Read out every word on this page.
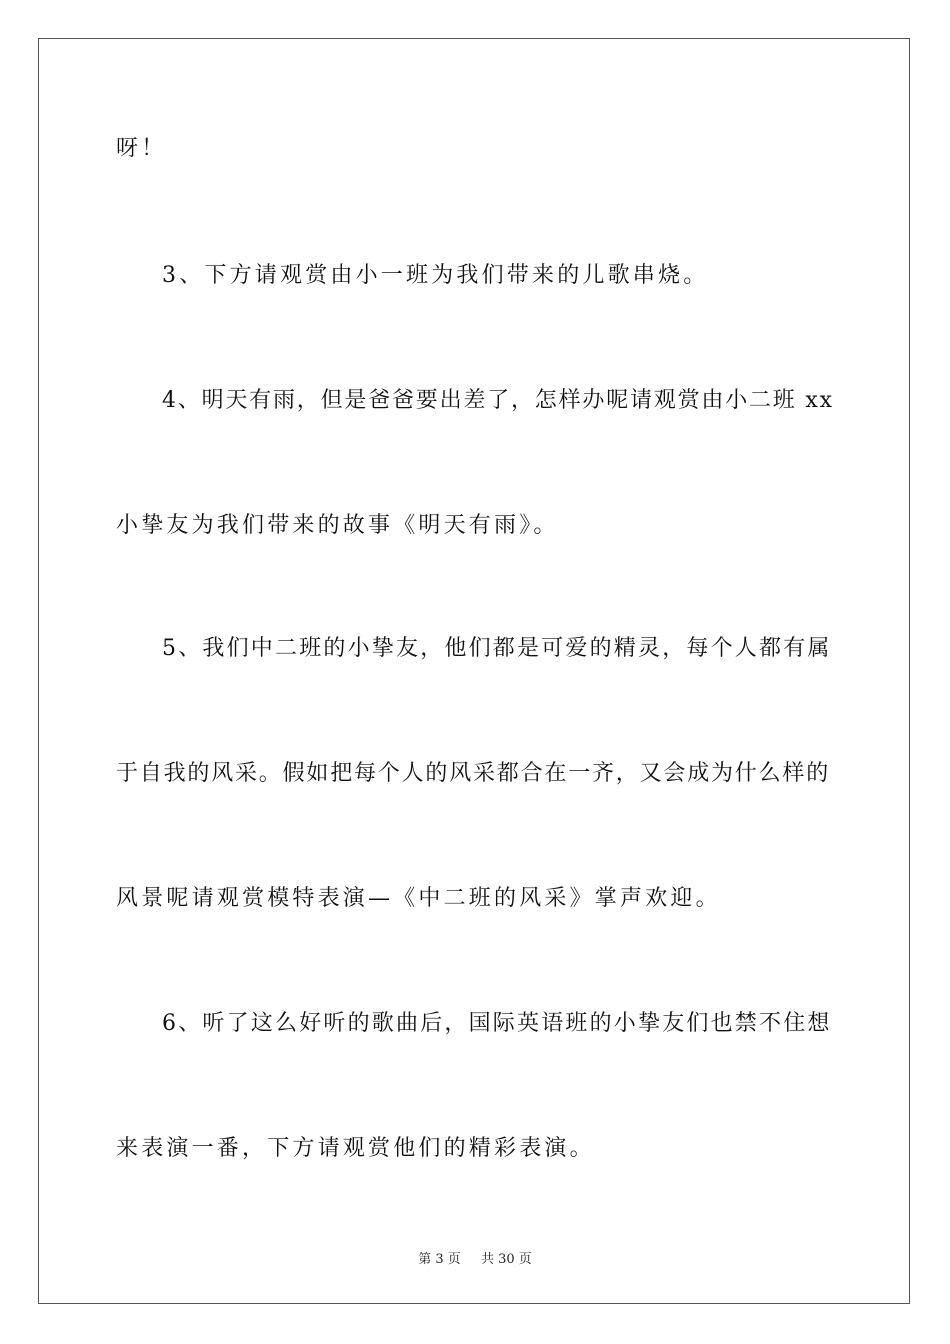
呀！
3、下方请观赏由小一班为我们带来的儿歌串烧。
4、明天有雨，但是爸爸要出差了，怎样办呢请观赏由小二班 xx
小挚友为我们带来的故事《明天有雨》。
5、我们中二班的小挚友，他们都是可爱的精灵，每个人都有属
于自我的风采。假如把每个人的风采都合在一齐，又会成为什么样的
风景呢请观赏模特表演—《中二班的风采》掌声欢迎。
6、听了这么好听的歌曲后，国际英语班的小挚友们也禁不住想
来表演一番，下方请观赏他们的精彩表演。
第 3 页 共 30 页
